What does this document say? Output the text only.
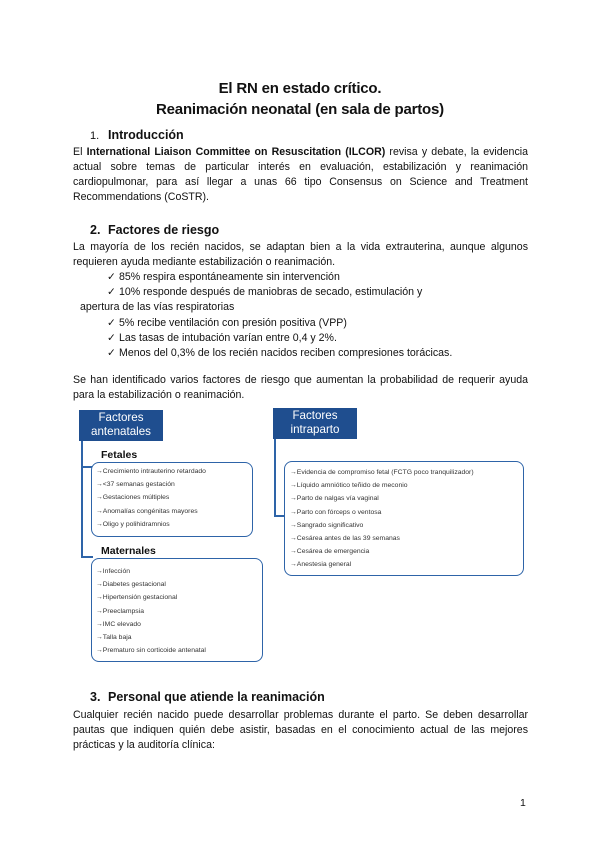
El RN en estado crítico.
Reanimación neonatal (en sala de partos)
1. Introducción
El International Liaison Committee on Resuscitation (ILCOR) revisa y debate, la evidencia actual sobre temas de particular interés en evaluación, estabilización y reanimación cardiopulmonar, para así llegar a unas 66 tipo Consensus on Science and Treatment Recommendations (CoSTR).
2. Factores de riesgo
La mayoría de los recién nacidos, se adaptan bien a la vida extrauterina, aunque algunos requieren ayuda mediante estabilización o reanimación.
✓ 85% respira espontáneamente sin intervención
✓ 10% responde después de maniobras de secado, estimulación y
apertura de las vías respiratorias
✓ 5% recibe ventilación con presión positiva (VPP)
✓ Las tasas de intubación varían entre 0,4 y 2%.
✓ Menos del 0,3% de los recién nacidos reciben compresiones torácicas.
Se han identificado varios factores de riesgo que aumentan la probabilidad de requerir ayuda para la estabilización o reanimación.
Factores
antenatales
Fetales
→Crecimiento intrauterino retardado
→<37 semanas gestación
→Gestaciones múltiples
→Anomalías congénitas mayores
→Oligo y polihidramnios
Maternales
→Infección
→Diabetes gestacional
→Hipertensión gestacional
→Preeclampsia
→IMC elevado
→Talla baja
→Prematuro sin corticoide antenatal
Factores
intraparto
→Evidencia de compromiso fetal (FCTG poco tranquilizador)
→Líquido amniótico teñido de meconio
→Parto de nalgas vía vaginal
→Parto con fórceps o ventosa
→Sangrado significativo
→Cesárea antes de las 39 semanas
→Cesárea de emergencia
→Anestesia general
3. Personal que atiende la reanimación
Cualquier recién nacido puede desarrollar problemas durante el parto. Se deben desarrollar pautas que indiquen quién debe asistir, basadas en el conocimiento actual de las mejores prácticas y la auditoría clínica:
1
